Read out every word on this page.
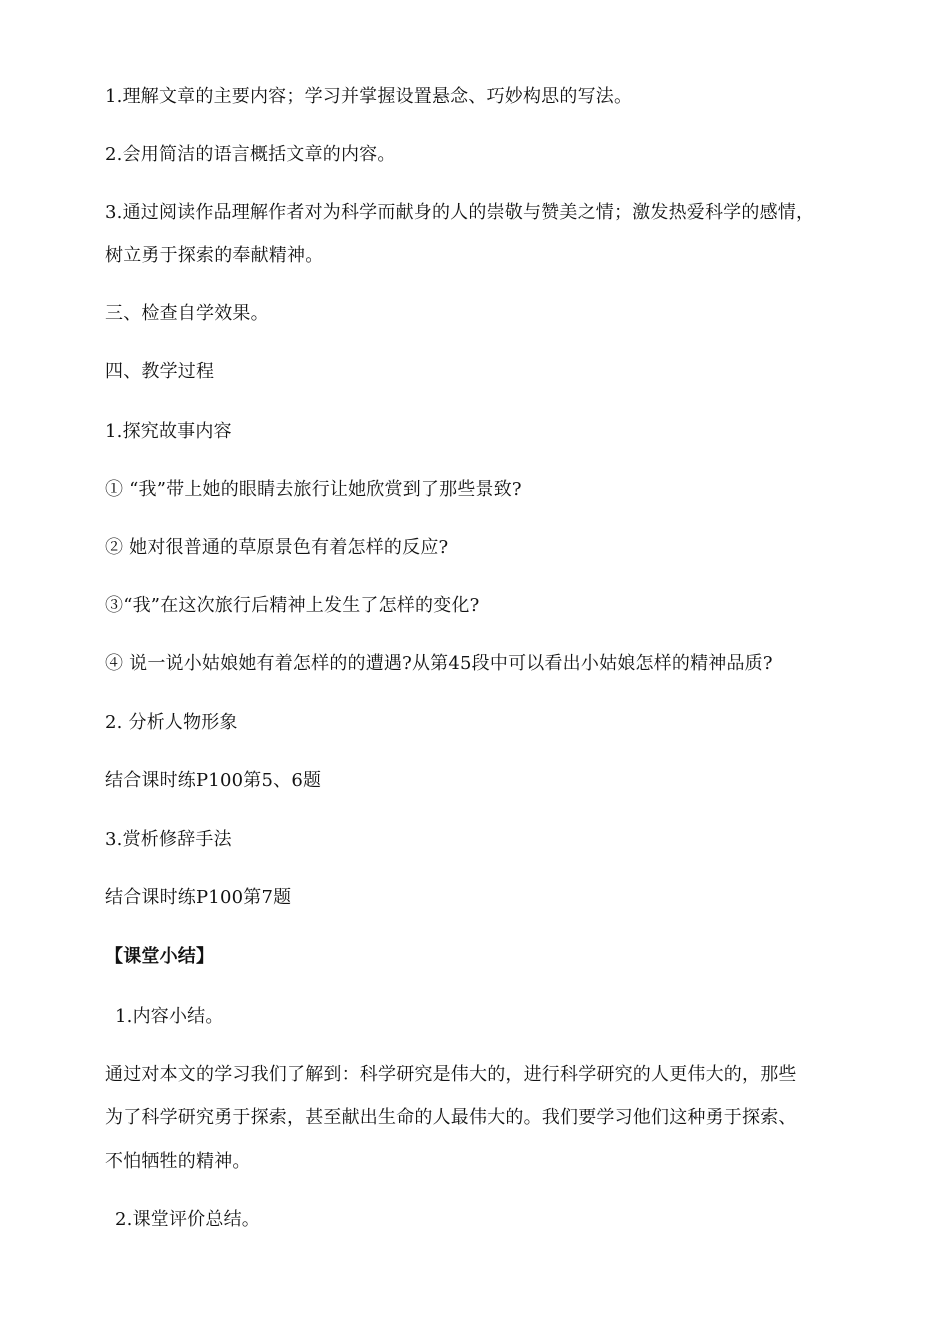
1.理解文章的主要内容；学习并掌握设置悬念、巧妙构思的写法。
2.会用简洁的语言概括文章的内容。
3.通过阅读作品理解作者对为科学而献身的人的崇敬与赞美之情；激发热爱科学的感情，
树立勇于探索的奉献精神。
三、检查自学效果。
四、教学过程
1.探究故事内容
① “我”带上她的眼睛去旅行让她欣赏到了那些景致?
② 她对很普通的草原景色有着怎样的反应?
③“我”在这次旅行后精神上发生了怎样的变化?
④ 说一说小姑娘她有着怎样的的遭遇?从第45段中可以看出小姑娘怎样的精神品质?
2. 分析人物形象
结合课时练P100第5、6题
3.赏析修辞手法
结合课时练P100第7题
【课堂小结】
1.内容小结。
通过对本文的学习我们了解到：科学研究是伟大的，进行科学研究的人更伟大的，那些
为了科学研究勇于探索，甚至献出生命的人最伟大的。我们要学习他们这种勇于探索、
不怕牺牲的精神。
2.课堂评价总结。
